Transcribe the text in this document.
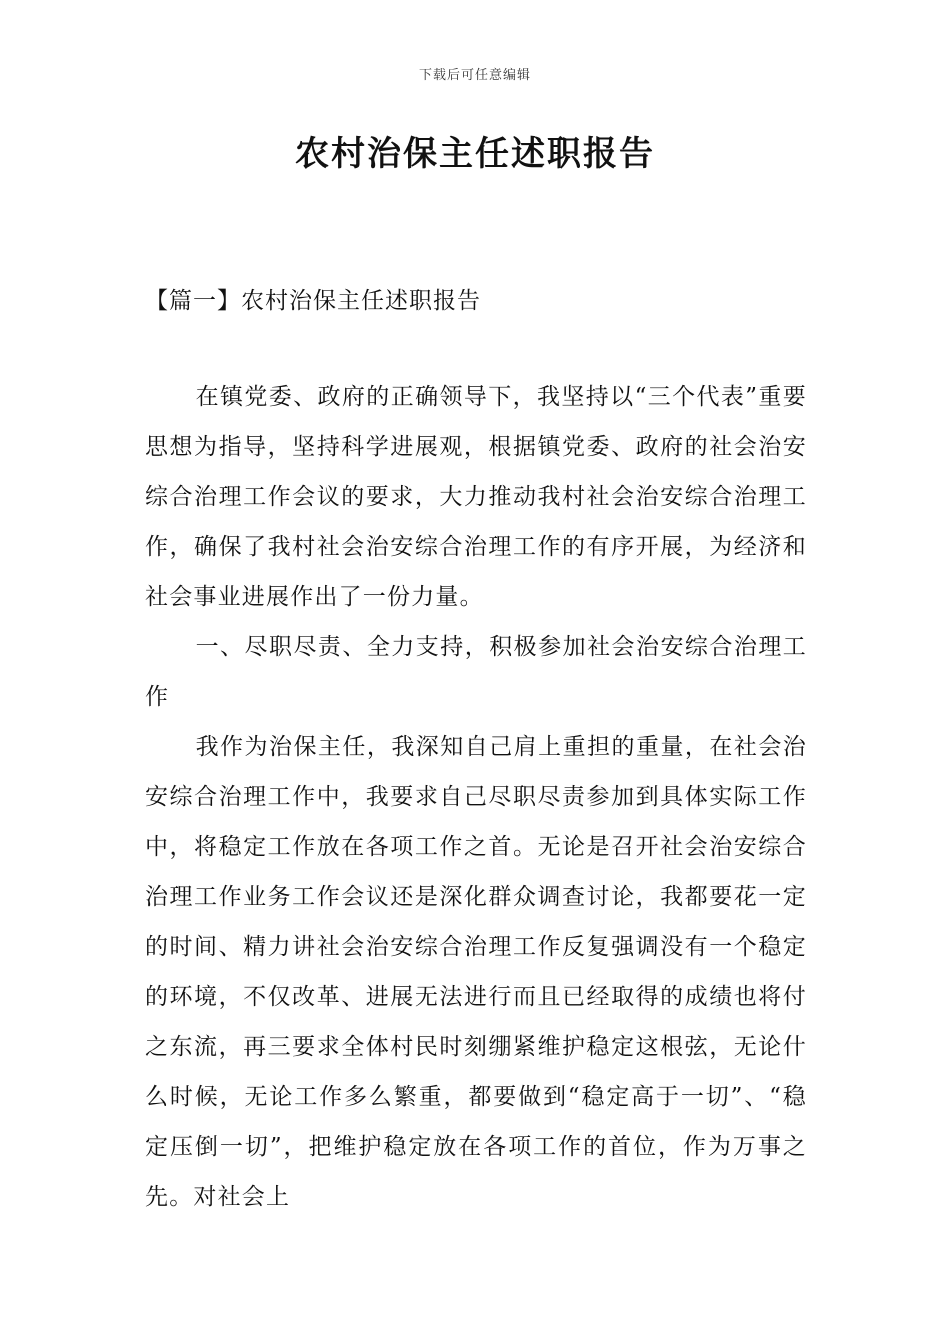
下载后可任意编辑
农村治保主任述职报告
【篇一】农村治保主任述职报告

在镇党委、政府的正确领导下，我坚持以“三个代表”重要思想为指导，坚持科学进展观，根据镇党委、政府的社会治安综合治理工作会议的要求，大力推动我村社会治安综合治理工作，确保了我村社会治安综合治理工作的有序开展，为经济和社会事业进展作出了一份力量。

一、尽职尽责、全力支持，积极参加社会治安综合治理工作

我作为治保主任，我深知自己肩上重担的重量，在社会治安综合治理工作中，我要求自己尽职尽责参加到具体实际工作中，将稳定工作放在各项工作之首。无论是召开社会治安综合治理工作业务工作会议还是深化群众调查讨论，我都要花一定的时间、精力讲社会治安综合治理工作反复强调没有一个稳定的环境，不仅改革、进展无法进行而且已经取得的成绩也将付之东流，再三要求全体村民时刻绷紧维护稳定这根弦，无论什么时候，无论工作多么繁重，都要做到“稳定高于一切”、“稳定压倒一切”，把维护稳定放在各项工作的首位，作为万事之先。对社会上
